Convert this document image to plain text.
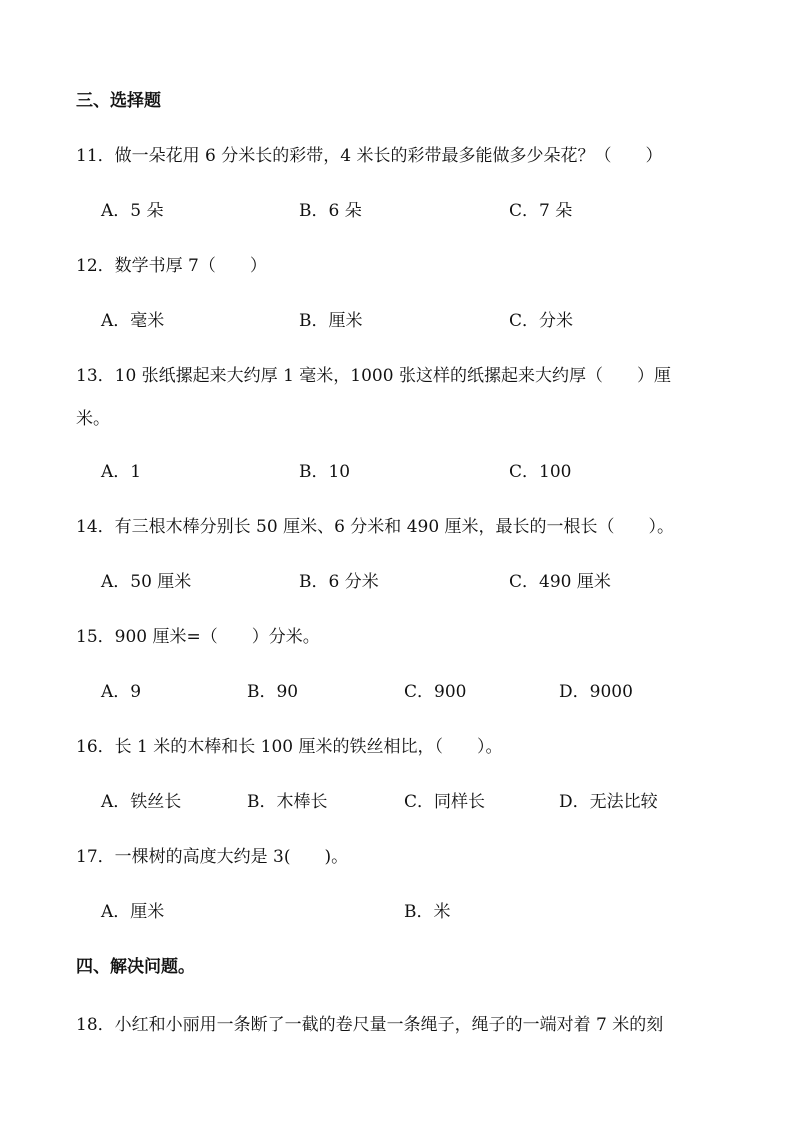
三、选择题
11．做一朵花用 6 分米长的彩带，4 米长的彩带最多能做多少朵花？（　　）
A．5 朵	B．6 朵	C．7 朵
12．数学书厚 7（　　）
A．毫米	B．厘米	C．分米
13．10 张纸摞起来大约厚 1 毫米，1000 张这样的纸摞起来大约厚（　　）厘
米。
A．1	B．10	C．100
14．有三根木棒分别长 50 厘米、6 分米和 490 厘米，最长的一根长（　　）。
A．50 厘米	B．6 分米	C．490 厘米
15．900 厘米=（　　）分米。
A．9	B．90	C．900	D．9000
16．长 1 米的木棒和长 100 厘米的铁丝相比，（　　）。
A．铁丝长	B．木棒长	C．同样长	D．无法比较
17．一棵树的高度大约是 3(　　)。
A．厘米	B．米
四、解决问题。
18．小红和小丽用一条断了一截的卷尺量一条绳子，绳子的一端对着 7 米的刻
